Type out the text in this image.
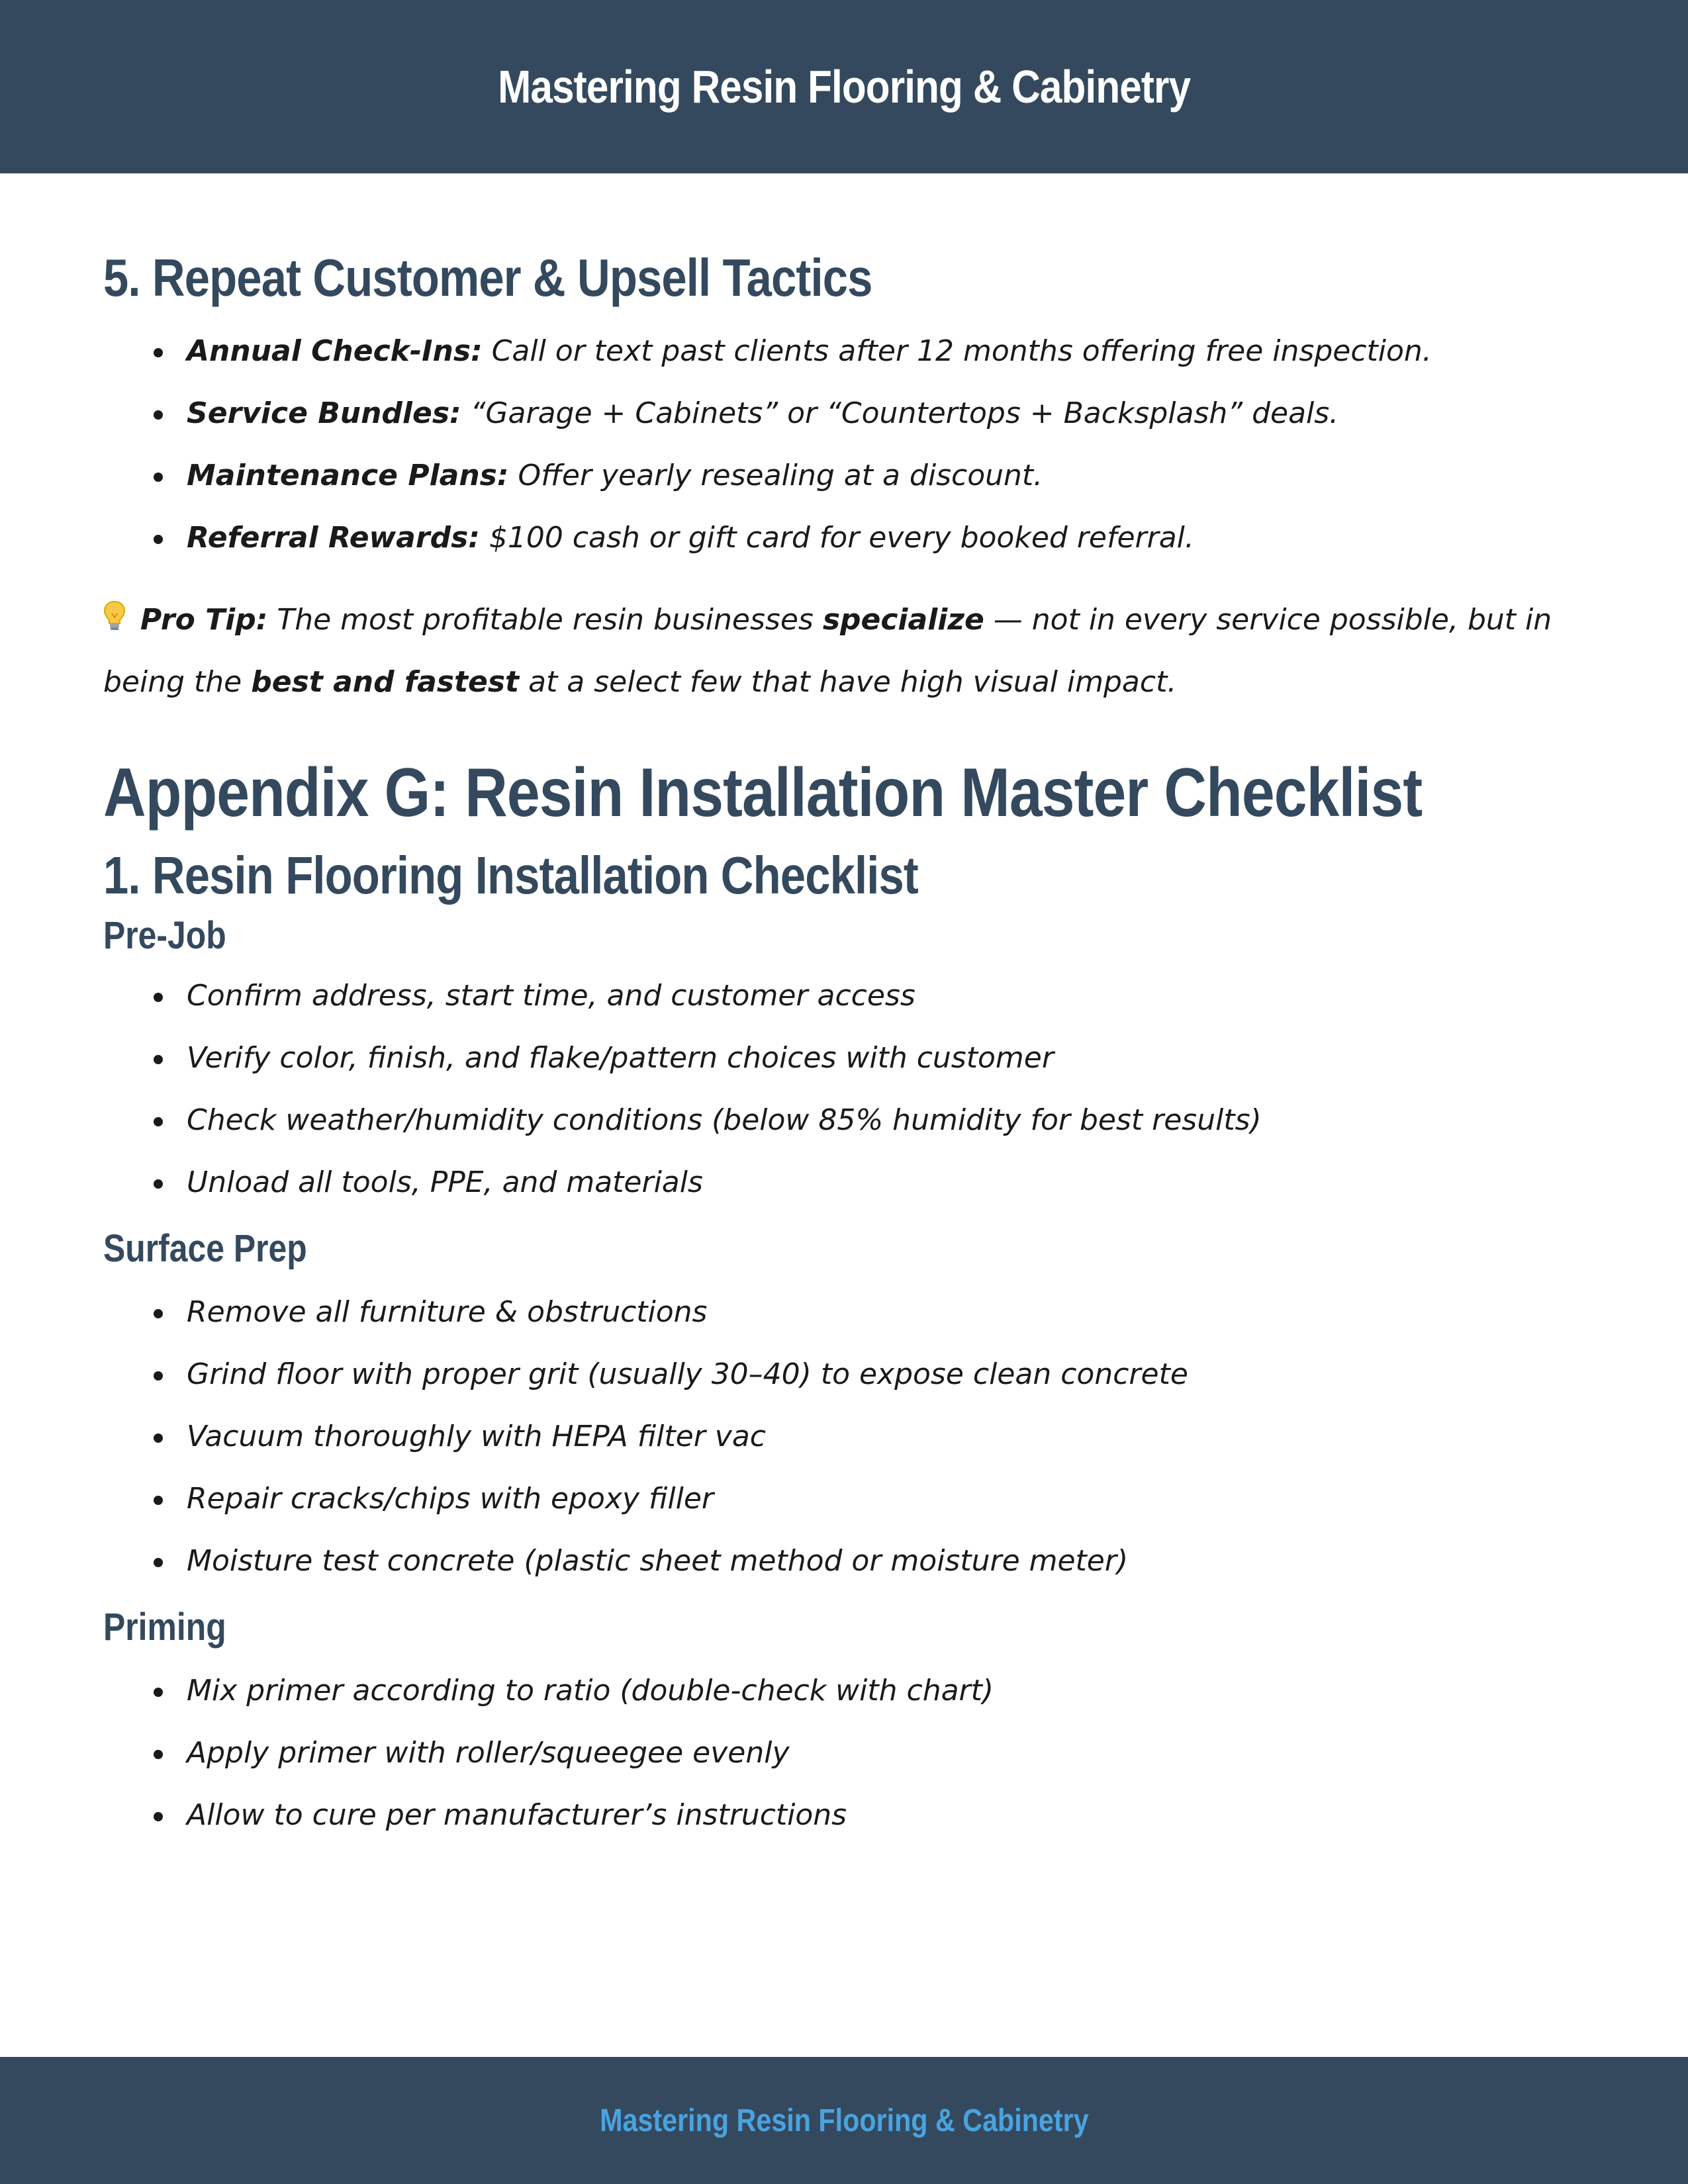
Mastering Resin Flooring & Cabinetry
5. Repeat Customer & Upsell Tactics
Annual Check-Ins: Call or text past clients after 12 months offering free inspection.
Service Bundles: “Garage + Cabinets” or “Countertops + Backsplash” deals.
Maintenance Plans: Offer yearly resealing at a discount.
Referral Rewards: $100 cash or gift card for every booked referral.

Pro Tip: The most profitable resin businesses specialize — not in every service possible, but in being the best and fastest at a select few that have high visual impact.

Appendix G: Resin Installation Master Checklist
1. Resin Flooring Installation Checklist
Pre-Job
Confirm address, start time, and customer access
Verify color, finish, and flake/pattern choices with customer
Check weather/humidity conditions (below 85% humidity for best results)
Unload all tools, PPE, and materials
Surface Prep
Remove all furniture & obstructions
Grind floor with proper grit (usually 30–40) to expose clean concrete
Vacuum thoroughly with HEPA filter vac
Repair cracks/chips with epoxy filler
Moisture test concrete (plastic sheet method or moisture meter)
Priming
Mix primer according to ratio (double-check with chart)
Apply primer with roller/squeegee evenly
Allow to cure per manufacturer’s instructions
Mastering Resin Flooring & Cabinetry
